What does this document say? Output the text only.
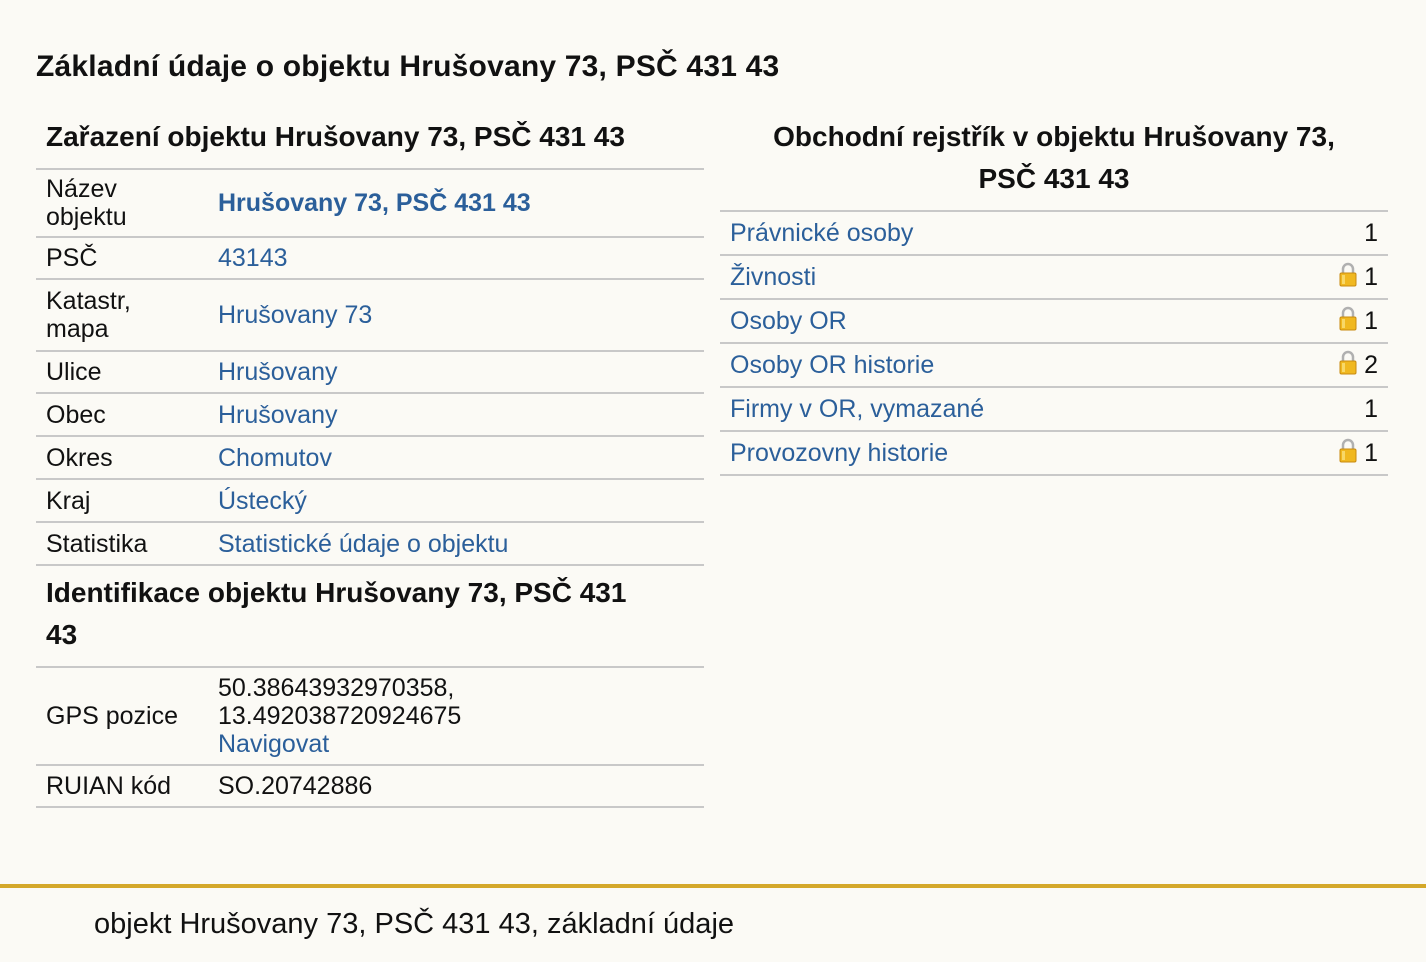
Základní údaje o objektu Hrušovany 73, PSČ 431 43
Zařazení objektu Hrušovany 73, PSČ 431 43
Název
objektu	Hrušovany 73, PSČ 431 43
PSČ	43143
Katastr,
mapa	Hrušovany 73
Ulice	Hrušovany
Obec	Hrušovany
Okres	Chomutov
Kraj	Ústecký
Statistika	Statistické údaje o objektu
Identifikace objektu Hrušovany 73, PSČ 431
43
GPS pozice	50.38643932970358,
13.492038720924675
Navigovat
RUIAN kód	SO.20742886
Obchodní rejstřík v objektu Hrušovany 73,
PSČ 431 43
Právnické osoby	1
Živnosti	1
Osoby OR	1
Osoby OR historie	2
Firmy v OR, vymazané	1
Provozovny historie	1
objekt Hrušovany 73, PSČ 431 43, základní údaje
